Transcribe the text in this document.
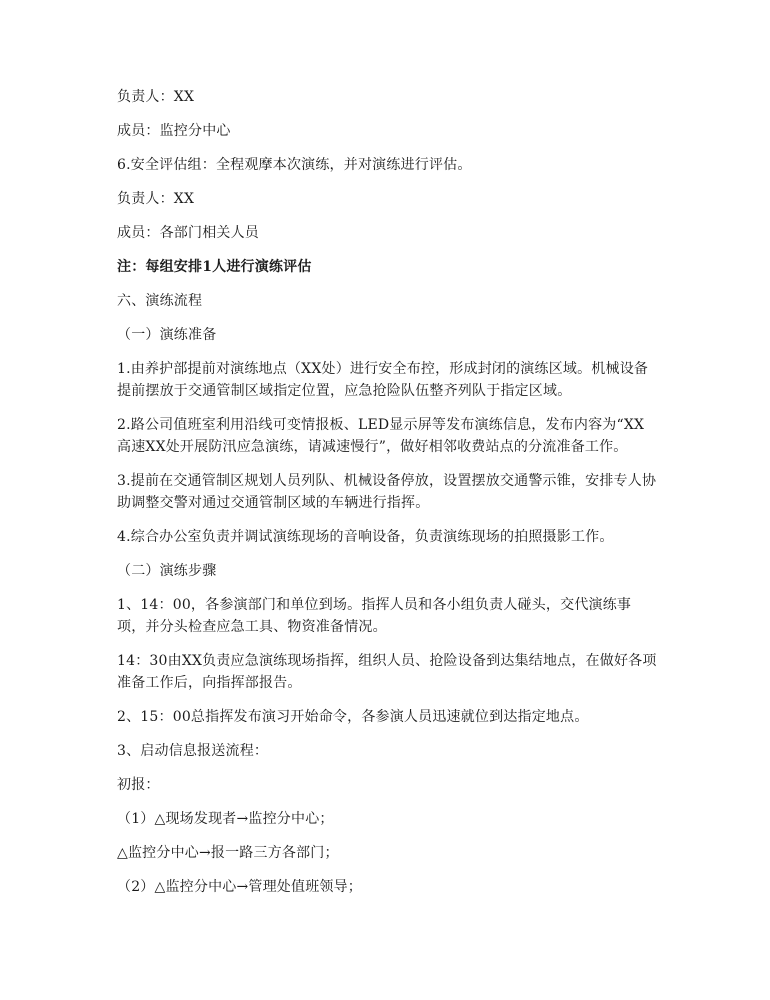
负责人：XX

成员：监控分中心

6.安全评估组：全程观摩本次演练，并对演练进行评估。

负责人：XX

成员：各部门相关人员

注：每组安排1人进行演练评估

六、演练流程

（一）演练准备

1.由养护部提前对演练地点（XX处）进行安全布控，形成封闭的演练区域。机械设备提前摆放于交通管制区域指定位置，应急抢险队伍整齐列队于指定区域。

2.路公司值班室利用沿线可变情报板、LED显示屏等发布演练信息，发布内容为“XX高速XX处开展防汛应急演练，请减速慢行”，做好相邻收费站点的分流准备工作。

3.提前在交通管制区规划人员列队、机械设备停放，设置摆放交通警示锥，安排专人协助调整交警对通过交通管制区域的车辆进行指挥。

4.综合办公室负责并调试演练现场的音响设备，负责演练现场的拍照摄影工作。

（二）演练步骤

1、14：00，各参演部门和单位到场。指挥人员和各小组负责人碰头，交代演练事项，并分头检查应急工具、物资准备情况。

14：30由XX负责应急演练现场指挥，组织人员、抢险设备到达集结地点，在做好各项准备工作后，向指挥部报告。

2、15：00总指挥发布演习开始命令，各参演人员迅速就位到达指定地点。

3、启动信息报送流程：

初报：

（1）△现场发现者→监控分中心；

△监控分中心→报一路三方各部门；

（2）△监控分中心→管理处值班领导；
